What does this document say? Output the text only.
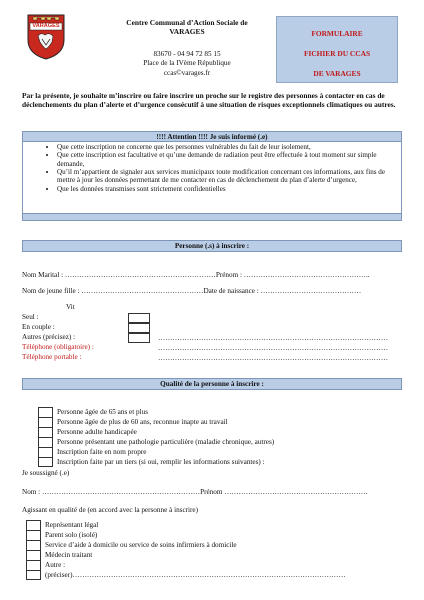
VARAGES	Centre Communal d’Action Sociale de
VARAGES
83670 - 04 94 72 85 15
Place de la IVème République
ccas©varages.fr
FORMULAIRE
FICHIER DU CCAS
DE VARAGES
Par la présente, je souhaite m’inscrire ou faire inscrire un proche sur le registre des personnes à contacter en cas de déclenchements du plan d’alerte et d’urgence consécutif à une situation de risques exceptionnels climatiques ou autres.
!!!! Attention !!!! Je suis informé (.e)
• Que cette inscription ne concerne que les personnes vulnérables du fait de leur isolement,
• Que cette inscription est facultative et qu’une demande de radiation peut être effectuée à tout moment sur simple demande,
• Qu’il m’appartient de signaler aux services municipaux toute modification concernant ces informations, aux fins de mettre à jour les données permettant de me contacter en cas de déclenchement du plan d’alerte d’urgence,
• Que les données transmises sont strictement confidentielles
Personne (.s) à inscrire :
Nom Marital : ………………………………………………………Prénom : ……………………………………………..
Nom de jeune fille : ……………………………………………Date de naissance : ……………………………………
Vit
Seul :
En couple :
Autres (précisez) :
Téléphone (obligatoire) :
Téléphone portable :
……………………………………………………………………………………
……………………………………………………………………………………
……………………………………………………………………………………
Qualité de la personne à inscrire :
Personne âgée de 65 ans et plus
Personne âgée de plus de 60 ans, reconnue inapte au travail
Personne adulte handicapée
Personne présentant une pathologie particulière (maladie chronique, autres)
Inscription faite en nom propre
Inscription faite par un tiers (si oui, remplir les informations suivantes) :
Je soussigné (.e)
Nom : …………………………………………………………Prénom ……………………………………………………
Agissant en qualité de (en accord avec la personne à inscrire)
Représentant légal
Parent solo (isolé)
Service d’aide à domicile ou service de soins infirmiers à domicile
Médecin traitant
Autre :
(préciser)……………………………………………………………………………………………………
